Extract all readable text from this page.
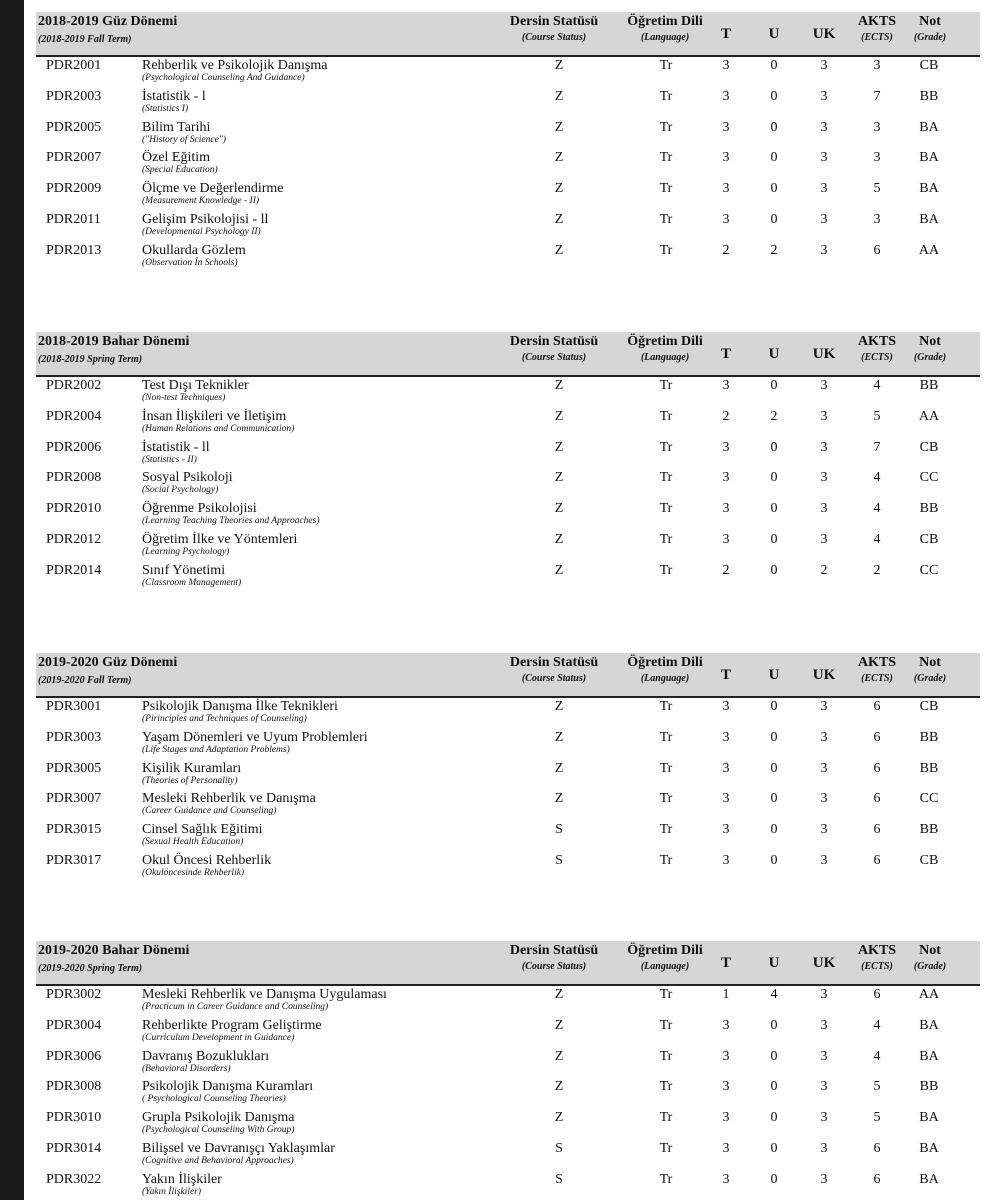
2018-2019 Güz Dönemi
(2018-2019 Fall Term)
Dersin Statüsü
(Course Status)
Öğretim Dili
(Language)	T	U	UK
AKTS
(ECTS)
Not
(Grade)
PDR2001	Rehberlik ve Psikolojik Danışma
(Psychological Counseling And Guidance)
Z	Tr	3	0	3	3	CB
PDR2003	İstatistik - l
(Statistics I)
Z	Tr	3	0	3	7	BB
PDR2005	Bilim Tarihi
("History of Science")
Z	Tr	3	0	3	3	BA
PDR2007	Özel Eğitim
(Special Education)
Z	Tr	3	0	3	3	BA
PDR2009	Ölçme ve Değerlendirme
(Measurement Knowledge - II)
Z	Tr	3	0	3	5	BA
PDR2011	Gelişim Psikolojisi - ll
(Developmental Psychology II)
Z	Tr	3	0	3	3	BA
PDR2013	Okullarda Gözlem
(Observation İn Schools)
Z	Tr	2	2	3	6	AA
2018-2019 Bahar Dönemi
(2018-2019 Spring Term)
Dersin Statüsü
(Course Status)
Öğretim Dili
(Language)	T	U	UK
AKTS
(ECTS)
Not
(Grade)
PDR2002	Test Dışı Teknikler
(Non-test Techniques)
Z	Tr	3	0	3	4	BB
PDR2004	İnsan İlişkileri ve İletişim
(Human Relations and Communication)
Z	Tr	2	2	3	5	AA
PDR2006	İstatistik - ll
(Statistics - II)
Z	Tr	3	0	3	7	CB
PDR2008	Sosyal Psikoloji
(Social Psychology)
Z	Tr	3	0	3	4	CC
PDR2010	Öğrenme Psikolojisi
(Learning Teaching Theories and Approaches)
Z	Tr	3	0	3	4	BB
PDR2012	Öğretim İlke ve Yöntemleri
(Learning Psychology)
Z	Tr	3	0	3	4	CB
PDR2014	Sınıf Yönetimi
(Classroom Management)
Z	Tr	2	0	2	2	CC
2019-2020 Güz Dönemi
(2019-2020 Fall Term)
Dersin Statüsü
(Course Status)
Öğretim Dili
(Language)	T	U	UK
AKTS
(ECTS)
Not
(Grade)
PDR3001	Psikolojik Danışma İlke Teknikleri
(Pirinciples and Techniques of Counseling)
Z	Tr	3	0	3	6	CB
PDR3003	Yaşam Dönemleri ve Uyum Problemleri
(Life Stages and Adaptation Problems)
Z	Tr	3	0	3	6	BB
PDR3005	Kişilik Kuramları
(Theories of Personality)
Z	Tr	3	0	3	6	BB
PDR3007	Mesleki Rehberlik ve Danışma
(Career Guidance and Counseling)
Z	Tr	3	0	3	6	CC
PDR3015	Cinsel Sağlık Eğitimi
(Sexual Health Education)
S	Tr	3	0	3	6	BB
PDR3017	Okul Öncesi Rehberlik
(Okulöncesinde Rehberlik)
S	Tr	3	0	3	6	CB
2019-2020 Bahar Dönemi
(2019-2020 Spring Term)
Dersin Statüsü
(Course Status)
Öğretim Dili
(Language)	T	U	UK
AKTS
(ECTS)
Not
(Grade)
PDR3002	Mesleki Rehberlik ve Danışma Uygulaması
(Practicum in Career Guidance and Counseling)
Z	Tr	1	4	3	6	AA
PDR3004	Rehberlikte Program Geliştirme
(Curriculum Development in Guidance)
Z	Tr	3	0	3	4	BA
PDR3006	Davranış Bozuklukları
(Behavioral Disorders)
Z	Tr	3	0	3	4	BA
PDR3008	Psikolojik Danışma Kuramları
( Psychological Counseling Theories)
Z	Tr	3	0	3	5	BB
PDR3010	Grupla Psikolojik Danışma
(Psychological Counseling With Group)
Z	Tr	3	0	3	5	BA
PDR3014	Bilişsel ve Davranışçı Yaklaşımlar
(Cognitive and Behavioral Approaches)
S	Tr	3	0	3	6	BA
PDR3022	Yakın İlişkiler
(Yakın İlişkiler)
S	Tr	3	0	3	6	BA
